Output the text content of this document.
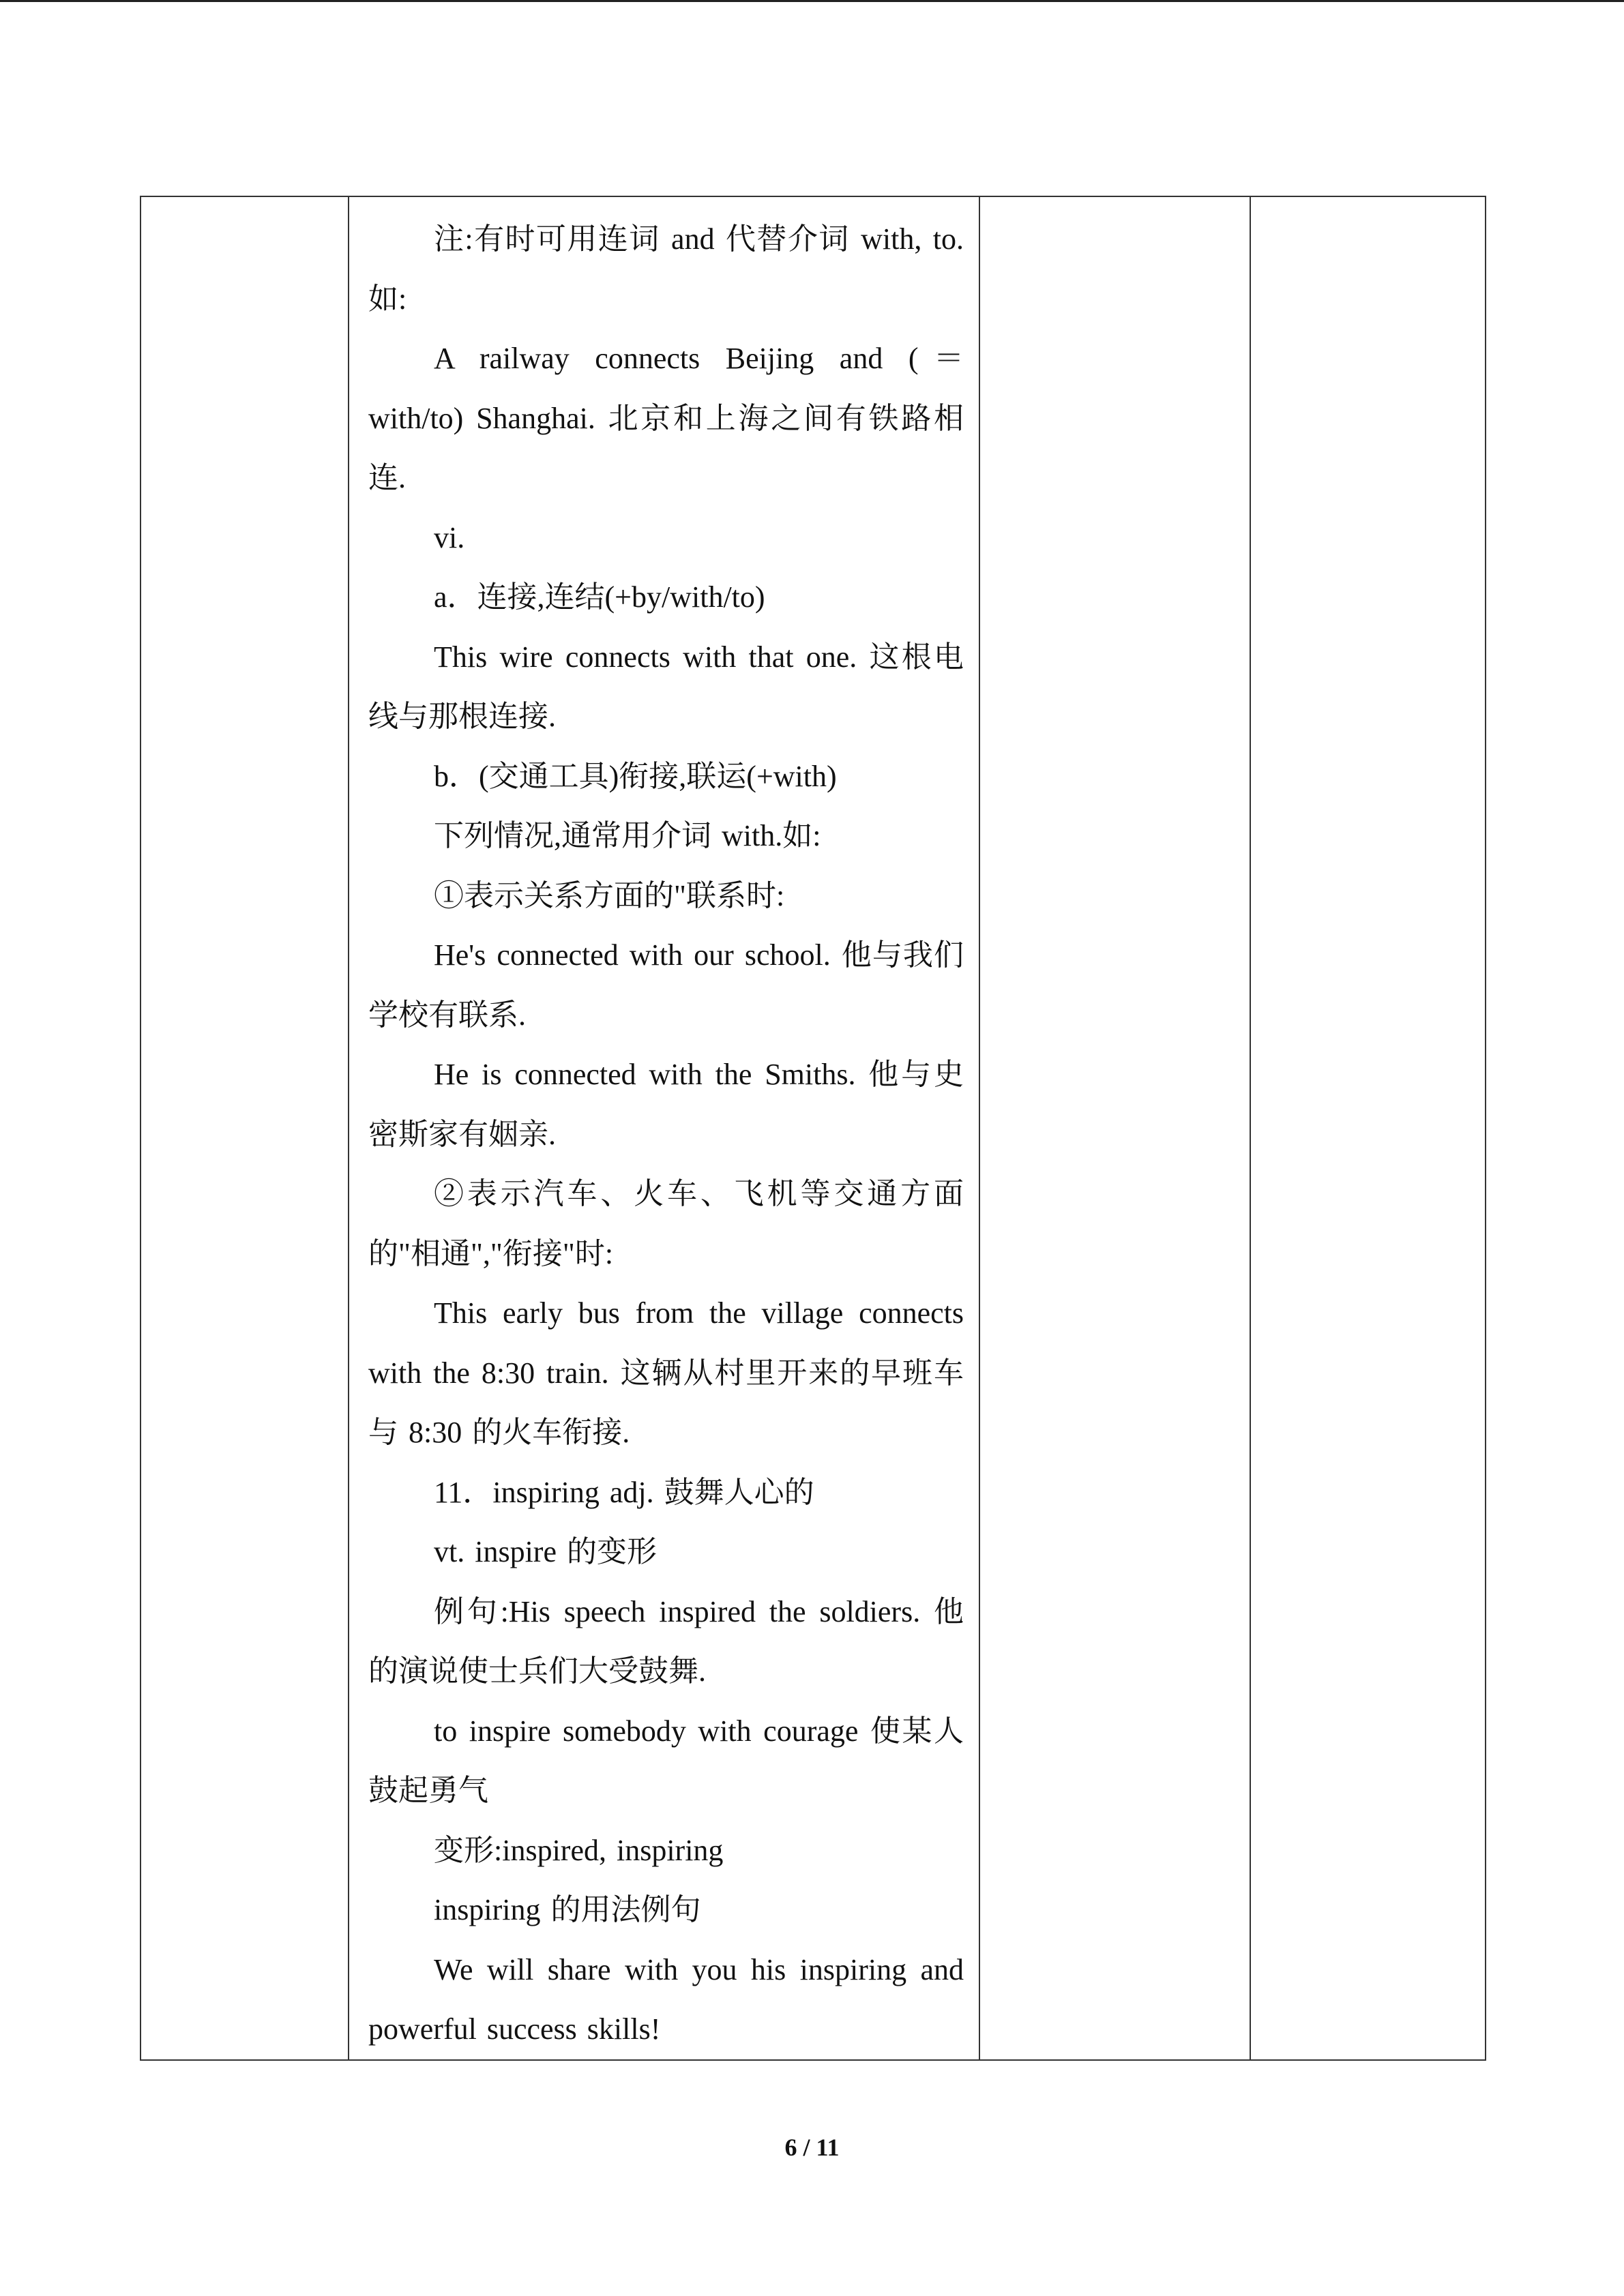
注:有时可用连词 and 代替介词 with, to.如:

A railway connects Beijing and (＝with/to) Shanghai. 北京和上海之间有铁路相连.

vi.

a．连接,连结(+by/with/to)

This wire connects with that one. 这根电线与那根连接.

b．(交通工具)衔接,联运(+with)

下列情况,通常用介词 with.如:

①表示关系方面的"联系时:

He's connected with our school. 他与我们学校有联系.

He is connected with the Smiths. 他与史密斯家有姻亲.

②表示汽车、火车、飞机等交通方面的"相通","衔接"时:

This early bus from the village connects with the 8:30 train. 这辆从村里开来的早班车与 8:30 的火车衔接.

11．inspiring adj. 鼓舞人心的

vt. inspire 的变形

例句:His speech inspired the soldiers. 他的演说使士兵们大受鼓舞.

to inspire somebody with courage 使某人鼓起勇气

变形:inspired, inspiring

inspiring 的用法例句

We will share with you his inspiring and powerful success skills!

6 / 11
